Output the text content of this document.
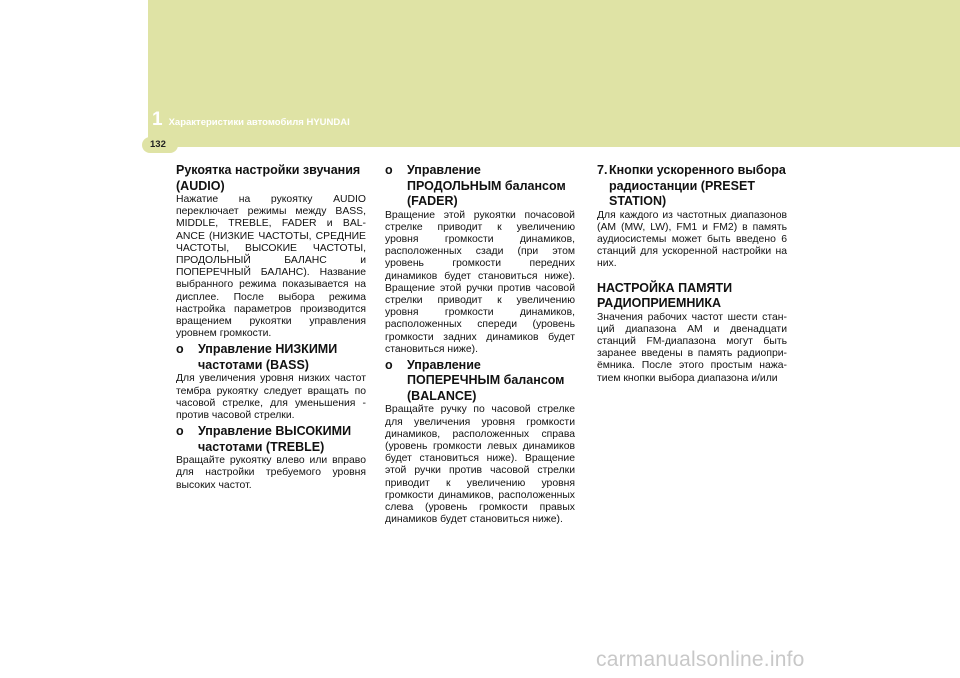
1 Характеристики автомобиля HYUNDAI
132
Рукоятка настройки звучания (AUDIO)
Нажатие на рукоятку AUDIO переключает режимы между BASS, MIDDLE, TREBLE, FADER и BAL- ANCE (НИЗКИЕ ЧАСТОТЫ, СРЕДНИЕ ЧАСТОТЫ, ВЫСОКИЕ ЧАСТОТЫ, ПРОДОЛЬНЫЙ БАЛАНС и ПОПЕРЕЧНЫЙ БАЛАНС). Название выбранного режима показывается на дисплее. После выбора режима настройка параметров производится вращением рукоятки управления уровнем громкости.
o	Управление НИЗКИМИ частотами (BASS)
Для увеличения уровня низких частот тембра рукоятку следует вращать по часовой стрелке, для уменьшения - против часовой стрелки.
o	Управление ВЫСОКИМИ частотами (TREBLE)
Вращайте рукоятку влево или вправо для настройки требуемого уровня высоких частот.
o	Управление ПРОДОЛЬНЫМ балансом (FADER)
Вращение этой рукоятки почасовой стрелке приводит к увеличению уровня громкости динамиков, расположенных сзади (при этом уровень громкости передних динамиков будет становиться ниже). Вращение этой ручки против часовой стрелки приводит к увеличению уровня громкости динамиков, расположенных спереди (уровень громкости задних динамиков будет становиться ниже).
o	Управление ПОПЕРЕЧНЫМ балансом (BALANCE)
Вращайте ручку по часовой стрелке для увеличения уровня громкости динамиков, расположенных справа (уровень громкости левых динамиков будет становиться ниже). Вращение этой ручки против часовой стрелки приводит к увеличению уровня громкости динамиков, расположенных слева (уровень громкости правых динамиков будет становиться ниже).
7. Кнопки ускоренного выбора радиостанции (PRESET STATION)
Для каждого из частотных диапазонов (AM (MW, LW), FM1 и FM2) в память аудиосистемы может быть введено 6 станций для ускоренной настройки на них.
НАСТРОЙКА ПАМЯТИ РАДИОПРИЕМНИКА
Значения рабочих частот шести стан- ций диапазона AM и двенадцати станций FM-диапазона могут быть заранее введены в память радиопри- ёмника. После этого простым нажа- тием кнопки выбора диапазона и/или
carmanualsonline.info
